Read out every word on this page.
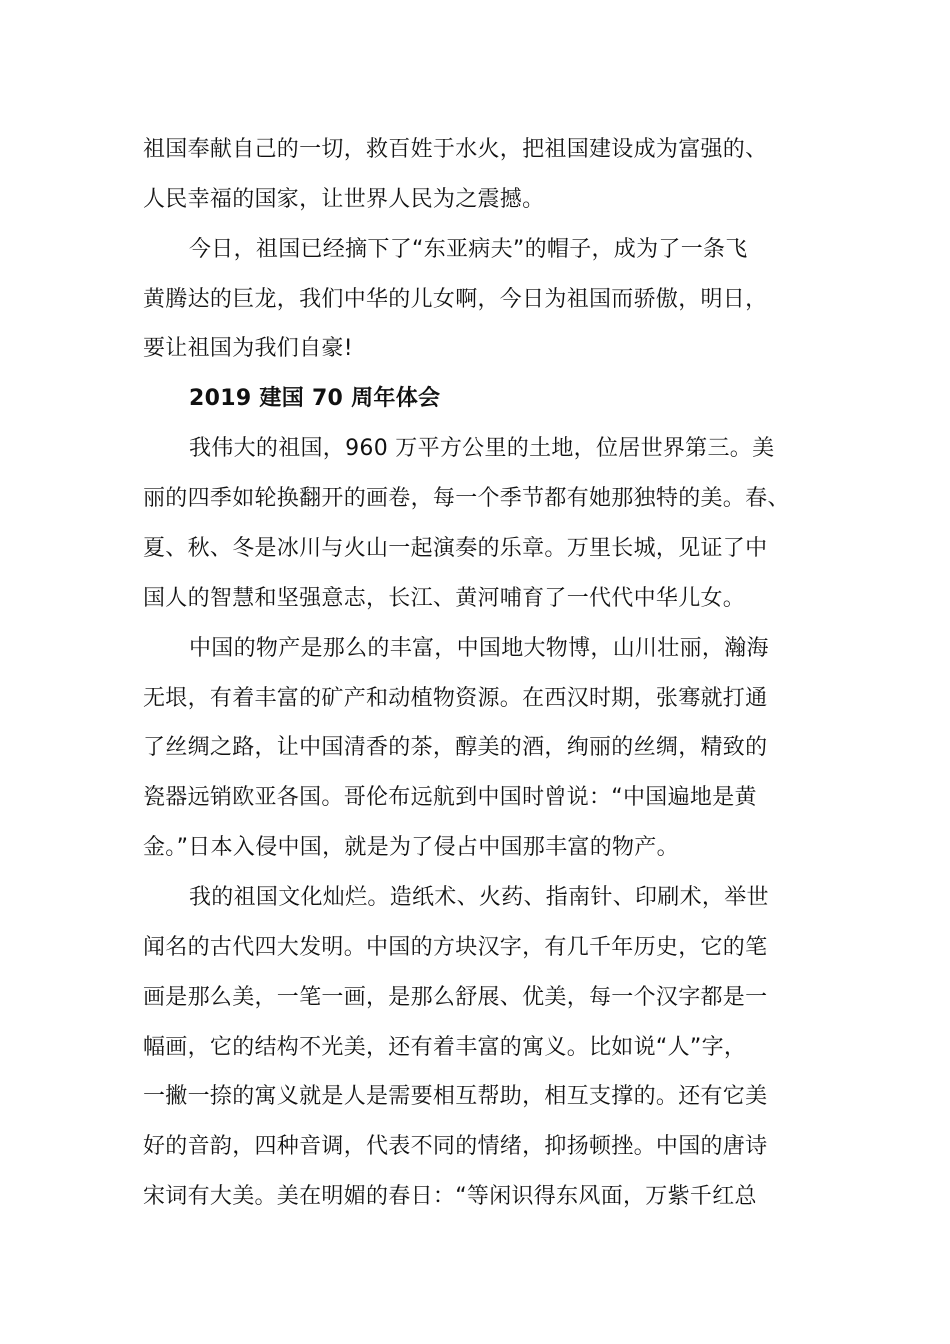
祖国奉献自己的一切，救百姓于水火，把祖国建设成为富强的、
人民幸福的国家，让世界人民为之震撼。
今日，祖国已经摘下了“东亚病夫”的帽子，成为了一条飞
黄腾达的巨龙，我们中华的儿女啊，今日为祖国而骄傲，明日，
要让祖国为我们自豪!
2019 建国 70 周年体会
我伟大的祖国，960 万平方公里的土地，位居世界第三。美
丽的四季如轮换翻开的画卷，每一个季节都有她那独特的美。春、
夏、秋、冬是冰川与火山一起演奏的乐章。万里长城，见证了中
国人的智慧和坚强意志，长江、黄河哺育了一代代中华儿女。
中国的物产是那么的丰富，中国地大物博，山川壮丽，瀚海
无垠，有着丰富的矿产和动植物资源。在西汉时期，张骞就打通
了丝绸之路，让中国清香的茶，醇美的酒，绚丽的丝绸，精致的
瓷器远销欧亚各国。哥伦布远航到中国时曾说：“中国遍地是黄
金。”日本入侵中国，就是为了侵占中国那丰富的物产。
我的祖国文化灿烂。造纸术、火药、指南针、印刷术，举世
闻名的古代四大发明。中国的方块汉字，有几千年历史，它的笔
画是那么美，一笔一画，是那么舒展、优美，每一个汉字都是一
幅画，它的结构不光美，还有着丰富的寓义。比如说“人”字，
一撇一捺的寓义就是人是需要相互帮助，相互支撑的。还有它美
好的音韵，四种音调，代表不同的情绪，抑扬顿挫。中国的唐诗
宋词有大美。美在明媚的春日：“等闲识得东风面，万紫千红总
